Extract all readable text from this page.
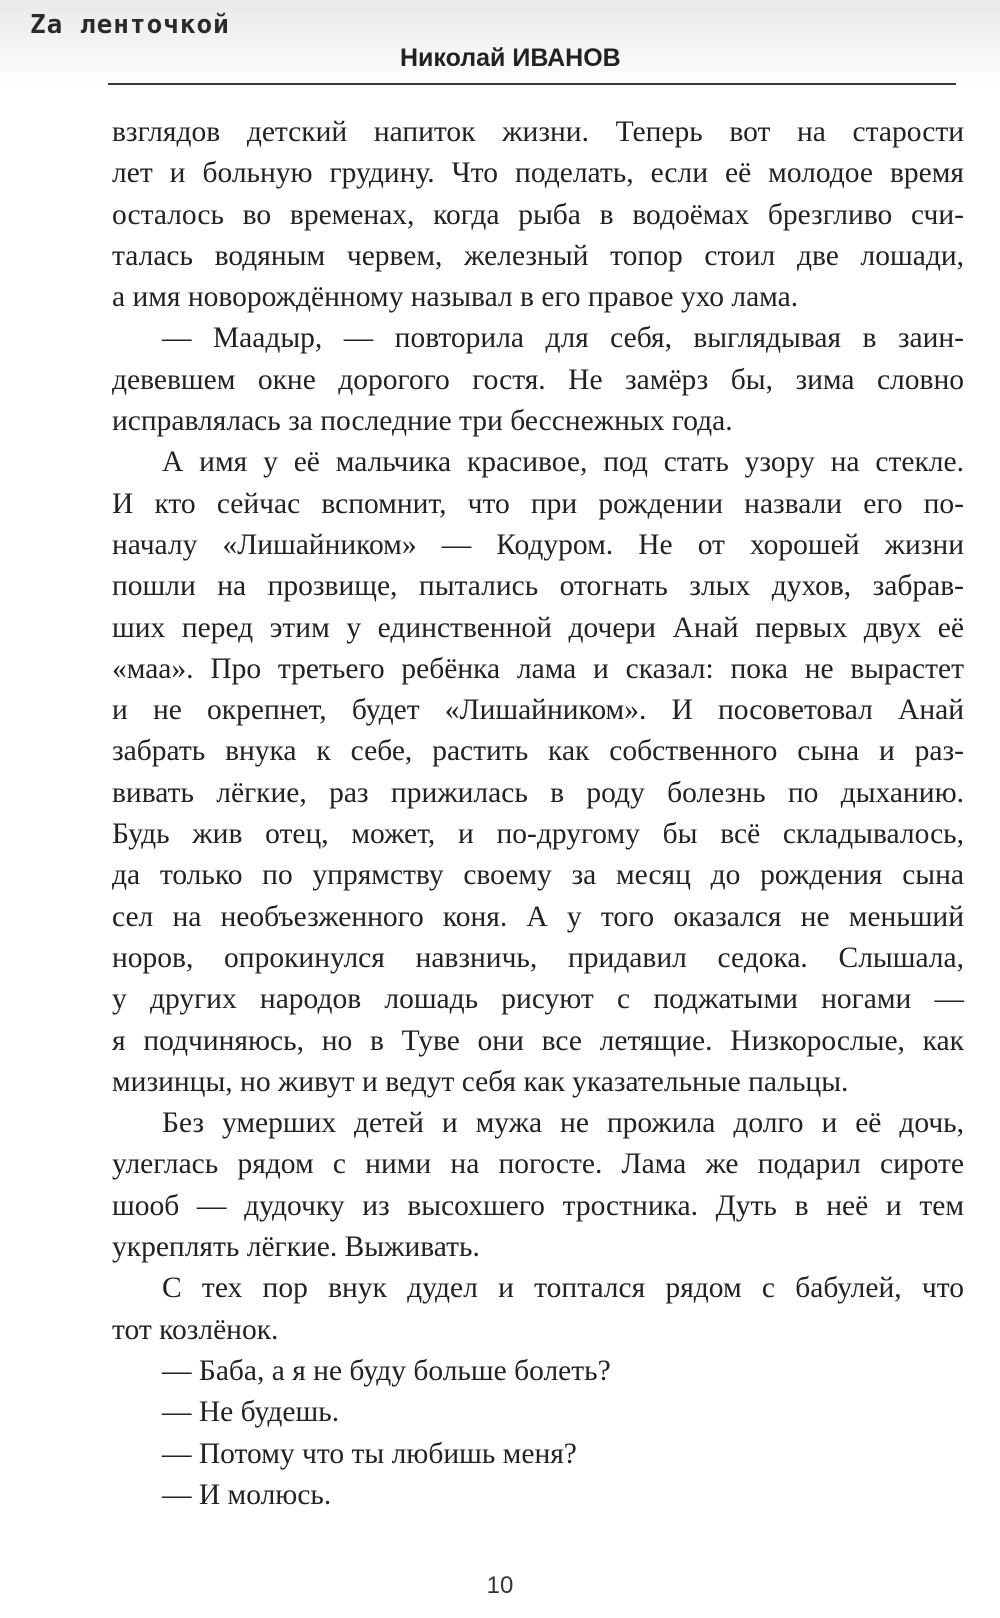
Za ленточкой
Николай ИВАНОВ
взглядов детский напиток жизни. Теперь вот на старости
лет и больную грудину. Что поделать, если её молодое время
осталось во временах, когда рыба в водоёмах брезгливо счи-
талась водяным червем, железный топор стоил две лошади,
а имя новорождённому называл в его правое ухо лама.
— Маадыр, — повторила для себя, выглядывая в заин-
девевшем окне дорогого гостя. Не замёрз бы, зима словно
исправлялась за последние три бесснежных года.
А имя у её мальчика красивое, под стать узору на стекле.
И кто сейчас вспомнит, что при рождении назвали его по-
началу «Лишайником» — Кодуром. Не от хорошей жизни
пошли на прозвище, пытались отогнать злых духов, забрав-
ших перед этим у единственной дочери Анай первых двух её
«маа». Про третьего ребёнка лама и сказал: пока не вырастет
и не окрепнет, будет «Лишайником». И посоветовал Анай
забрать внука к себе, растить как собственного сына и раз-
вивать лёгкие, раз прижилась в роду болезнь по дыханию.
Будь жив отец, может, и по-другому бы всё складывалось,
да только по упрямству своему за месяц до рождения сына
сел на необъезженного коня. А у того оказался не меньший
норов, опрокинулся навзничь, придавил седока. Слышала,
у других народов лошадь рисуют с поджатыми ногами —
я подчиняюсь, но в Туве они все летящие. Низкорослые, как
мизинцы, но живут и ведут себя как указательные пальцы.
Без умерших детей и мужа не прожила долго и её дочь,
улеглась рядом с ними на погосте. Лама же подарил сироте
шооб — дудочку из высохшего тростника. Дуть в неё и тем
укреплять лёгкие. Выживать.
С тех пор внук дудел и топтался рядом с бабулей, что
тот козлёнок.
— Баба, а я не буду больше болеть?
— Не будешь.
— Потому что ты любишь меня?
— И молюсь.
10
